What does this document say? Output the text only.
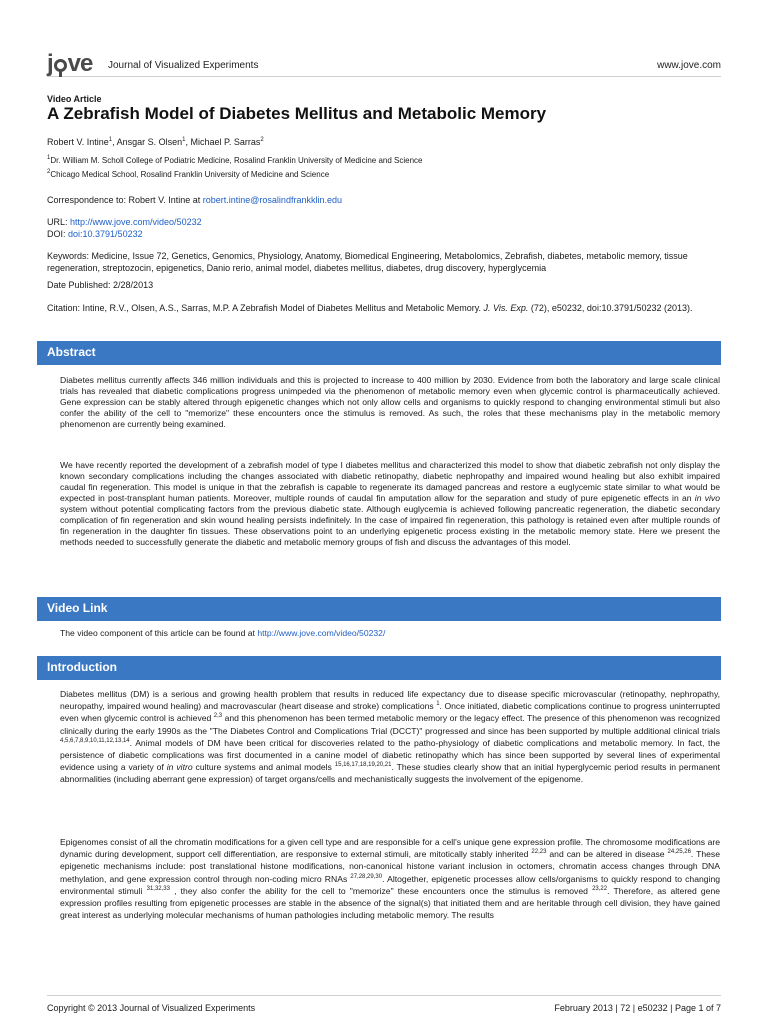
j ve Journal of Visualized Experiments	www.jove.com
Video Article
A Zebrafish Model of Diabetes Mellitus and Metabolic Memory
Robert V. Intine$^1$, Ansgar S. Olsen$^1$, Michael P. Sarras$^2$
$^1$Dr. William M. Scholl College of Podiatric Medicine, Rosalind Franklin University of Medicine and Science
$^2$Chicago Medical School, Rosalind Franklin University of Medicine and Science
Correspondence to: Robert V. Intine at robert.intine@rosalindfrankklin.edu
URL: http://www.jove.com/video/50232
DOI: doi:10.3791/50232
Keywords: Medicine, Issue 72, Genetics, Genomics, Physiology, Anatomy, Biomedical Engineering, Metabolomics, Zebrafish, diabetes, metabolic memory, tissue regeneration, streptozocin, epigenetics, Danio rerio, animal model, diabetes mellitus, diabetes, drug discovery, hyperglycemia
Date Published: 2/28/2013
Citation: Intine, R.V., Olsen, A.S., Sarras, M.P. A Zebrafish Model of Diabetes Mellitus and Metabolic Memory. J. Vis. Exp. (72), e50232, doi:10.3791/50232 (2013).
Abstract
Diabetes mellitus currently affects 346 million individuals and this is projected to increase to 400 million by 2030. Evidence from both the laboratory and large scale clinical trials has revealed that diabetic complications progress unimpeded via the phenomenon of metabolic memory even when glycemic control is pharmaceutically achieved. Gene expression can be stably altered through epigenetic changes which not only allow cells and organisms to quickly respond to changing environmental stimuli but also confer the ability of the cell to "memorize" these encounters once the stimulus is removed. As such, the roles that these mechanisms play in the metabolic memory phenomenon are currently being examined.
We have recently reported the development of a zebrafish model of type I diabetes mellitus and characterized this model to show that diabetic zebrafish not only display the known secondary complications including the changes associated with diabetic retinopathy, diabetic nephropathy and impaired wound healing but also exhibit impaired caudal fin regeneration. This model is unique in that the zebrafish is capable to regenerate its damaged pancreas and restore a euglycemic state similar to what would be expected in post-transplant human patients. Moreover, multiple rounds of caudal fin amputation allow for the separation and study of pure epigenetic effects in an in vivo system without potential complicating factors from the previous diabetic state. Although euglycemia is achieved following pancreatic regeneration, the diabetic secondary complication of fin regeneration and skin wound healing persists indefinitely. In the case of impaired fin regeneration, this pathology is retained even after multiple rounds of fin regeneration in the daughter fin tissues. These observations point to an underlying epigenetic process existing in the metabolic memory state. Here we present the methods needed to successfully generate the diabetic and metabolic memory groups of fish and discuss the advantages of this model.
Video Link
The video component of this article can be found at http://www.jove.com/video/50232/
Introduction
Diabetes mellitus (DM) is a serious and growing health problem that results in reduced life expectancy due to disease specific microvascular (retinopathy, nephropathy, neuropathy, impaired wound healing) and macrovascular (heart disease and stroke) complications $^1$. Once initiated, diabetic complications continue to progress uninterrupted even when glycemic control is achieved $^{2,3}$ and this phenomenon has been termed metabolic memory or the legacy effect. The presence of this phenomenon was recognized clinically during the early 1990s as the "The Diabetes Control and Complications Trial (DCCT)" progressed and since has been supported by multiple additional clinical trials $^{4,5,6,7,8,9,10,11,12,13,14}$. Animal models of DM have been critical for discoveries related to the patho-physiology of diabetic complications and metabolic memory. In fact, the persistence of diabetic complications was first documented in a canine model of diabetic retinopathy which has since been supported by several lines of experimental evidence using a variety of in vitro culture systems and animal models $^{15,16,17,18,19,20,21}$. These studies clearly show that an initial hyperglycemic period results in permanent abnormalities (including aberrant gene expression) of target organs/cells and mechanistically suggests the involvement of the epigenome.
Epigenomes consist of all the chromatin modifications for a given cell type and are responsible for a cell's unique gene expression profile. The chromosome modifications are dynamic during development, support cell differentiation, are responsive to external stimuli, are mitotically stably inherited $^{22,23}$ and can be altered in disease $^{24,25,26}$. These epigenetic mechanisms include: post translational histone modifications, non-canonical histone variant inclusion in octomers, chromatin access changes through DNA methylation, and gene expression control through non-coding micro RNAs $^{27,28,29,30}$. Altogether, epigenetic processes allow cells/organisms to quickly respond to changing environmental stimuli $^{31,32,33}$ , they also confer the ability for the cell to "memorize" these encounters once the stimulus is removed $^{23,22}$. Therefore, as altered gene expression profiles resulting from epigenetic processes are stable in the absence of the signal(s) that initiated them and are heritable through cell division, they have gained great interest as underlying molecular mechanisms of human pathologies including metabolic memory. The results
Copyright © 2013 Journal of Visualized Experiments	February 2013 | 72 | e50232 | Page 1 of 7
